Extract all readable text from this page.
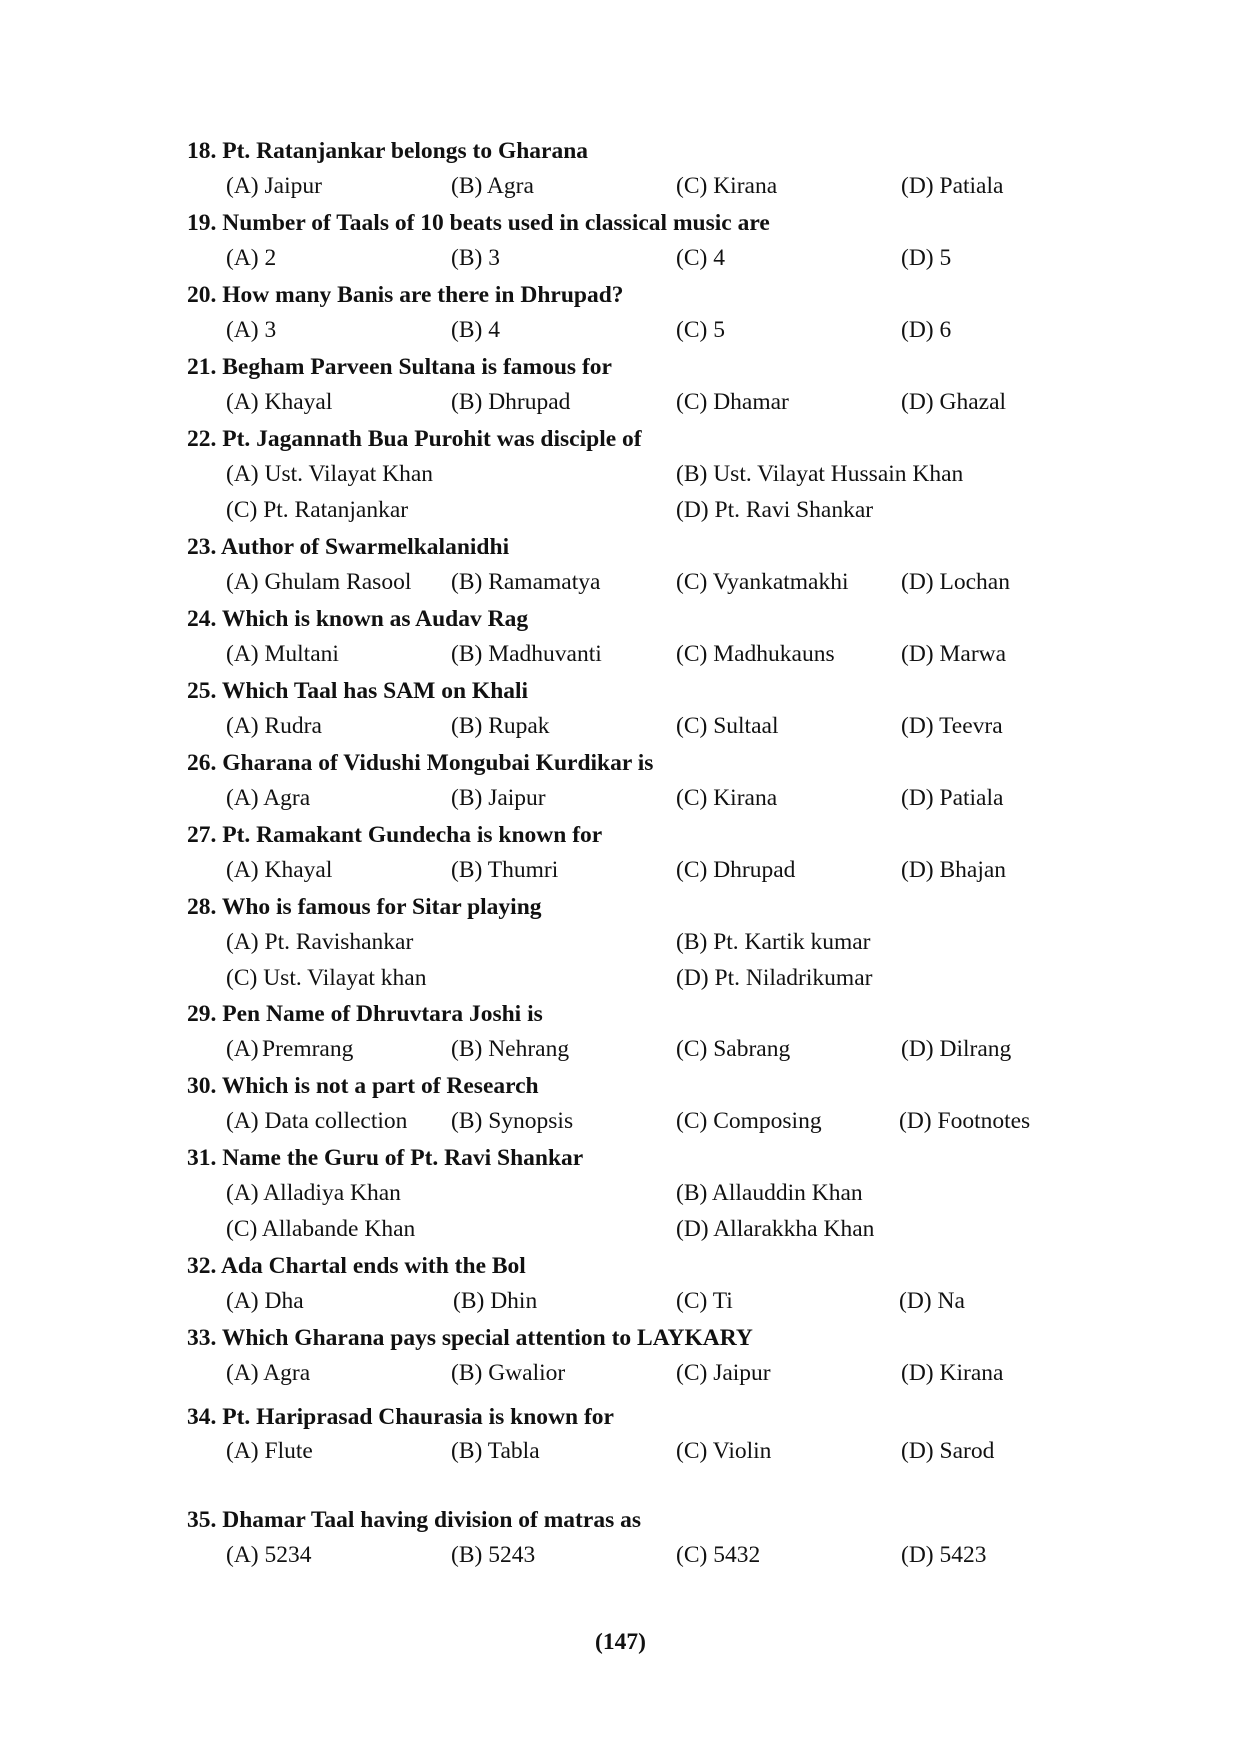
18. Pt. Ratanjankar belongs to Gharana
(A) Jaipur	(B) Agra	(C) Kirana	(D) Patiala
19. Number of Taals of 10 beats used in classical music are
(A) 2	(B) 3	(C) 4	(D) 5
20. How many Banis are there in Dhrupad?
(A) 3	(B) 4	(C) 5	(D) 6
21. Begham Parveen Sultana is famous for
(A) Khayal	(B) Dhrupad	(C) Dhamar	(D) Ghazal
22. Pt. Jagannath Bua Purohit was disciple of
(A) Ust. Vilayat Khan	(B) Ust. Vilayat Hussain Khan
(C) Pt. Ratanjankar	(D) Pt. Ravi Shankar
23. Author of Swarmelkalanidhi
(A) Ghulam Rasool (B) Ramamatya	(C) Vyankatmakhi (D) Lochan
24. Which is known as Audav Rag
(A) Multani	(B) Madhuvanti	(C) Madhukauns	(D) Marwa
25. Which Taal has SAM on Khali
(A) Rudra	(B) Rupak	(C) Sultaal	(D) Teevra
26. Gharana of Vidushi Mongubai Kurdikar is
(A) Agra	(B) Jaipur	(C) Kirana	(D) Patiala
27. Pt. Ramakant Gundecha is known for
(A) Khayal	(B) Thumri	(C) Dhrupad	(D) Bhajan
28. Who is famous for Sitar playing
(A) Pt. Ravishankar	(B) Pt. Kartik kumar
(C) Ust. Vilayat khan	(D) Pt. Niladrikumar
29. Pen Name of Dhruvtara Joshi is
(A) Premrang	(B) Nehrang	(C) Sabrang	(D) Dilrang
30. Which is not a part of Research
(A) Data collection (B) Synopsis	(C) Composing	(D) Footnotes
31. Name the Guru of Pt. Ravi Shankar
(A) Alladiya Khan	(B) Allauddin Khan
(C) Allabande Khan	(D) Allarakkha Khan
32. Ada Chartal ends with the Bol
(A) Dha	(B) Dhin	(C) Ti	(D) Na
33. Which Gharana pays special attention to LAYKARY
(A) Agra	(B) Gwalior	(C) Jaipur	(D) Kirana
34. Pt. Hariprasad Chaurasia is known for
(A) Flute	(B) Tabla	(C) Violin	(D) Sarod
35. Dhamar Taal having division of matras as
(A) 5234	(B) 5243	(C) 5432	(D) 5423
(147)
